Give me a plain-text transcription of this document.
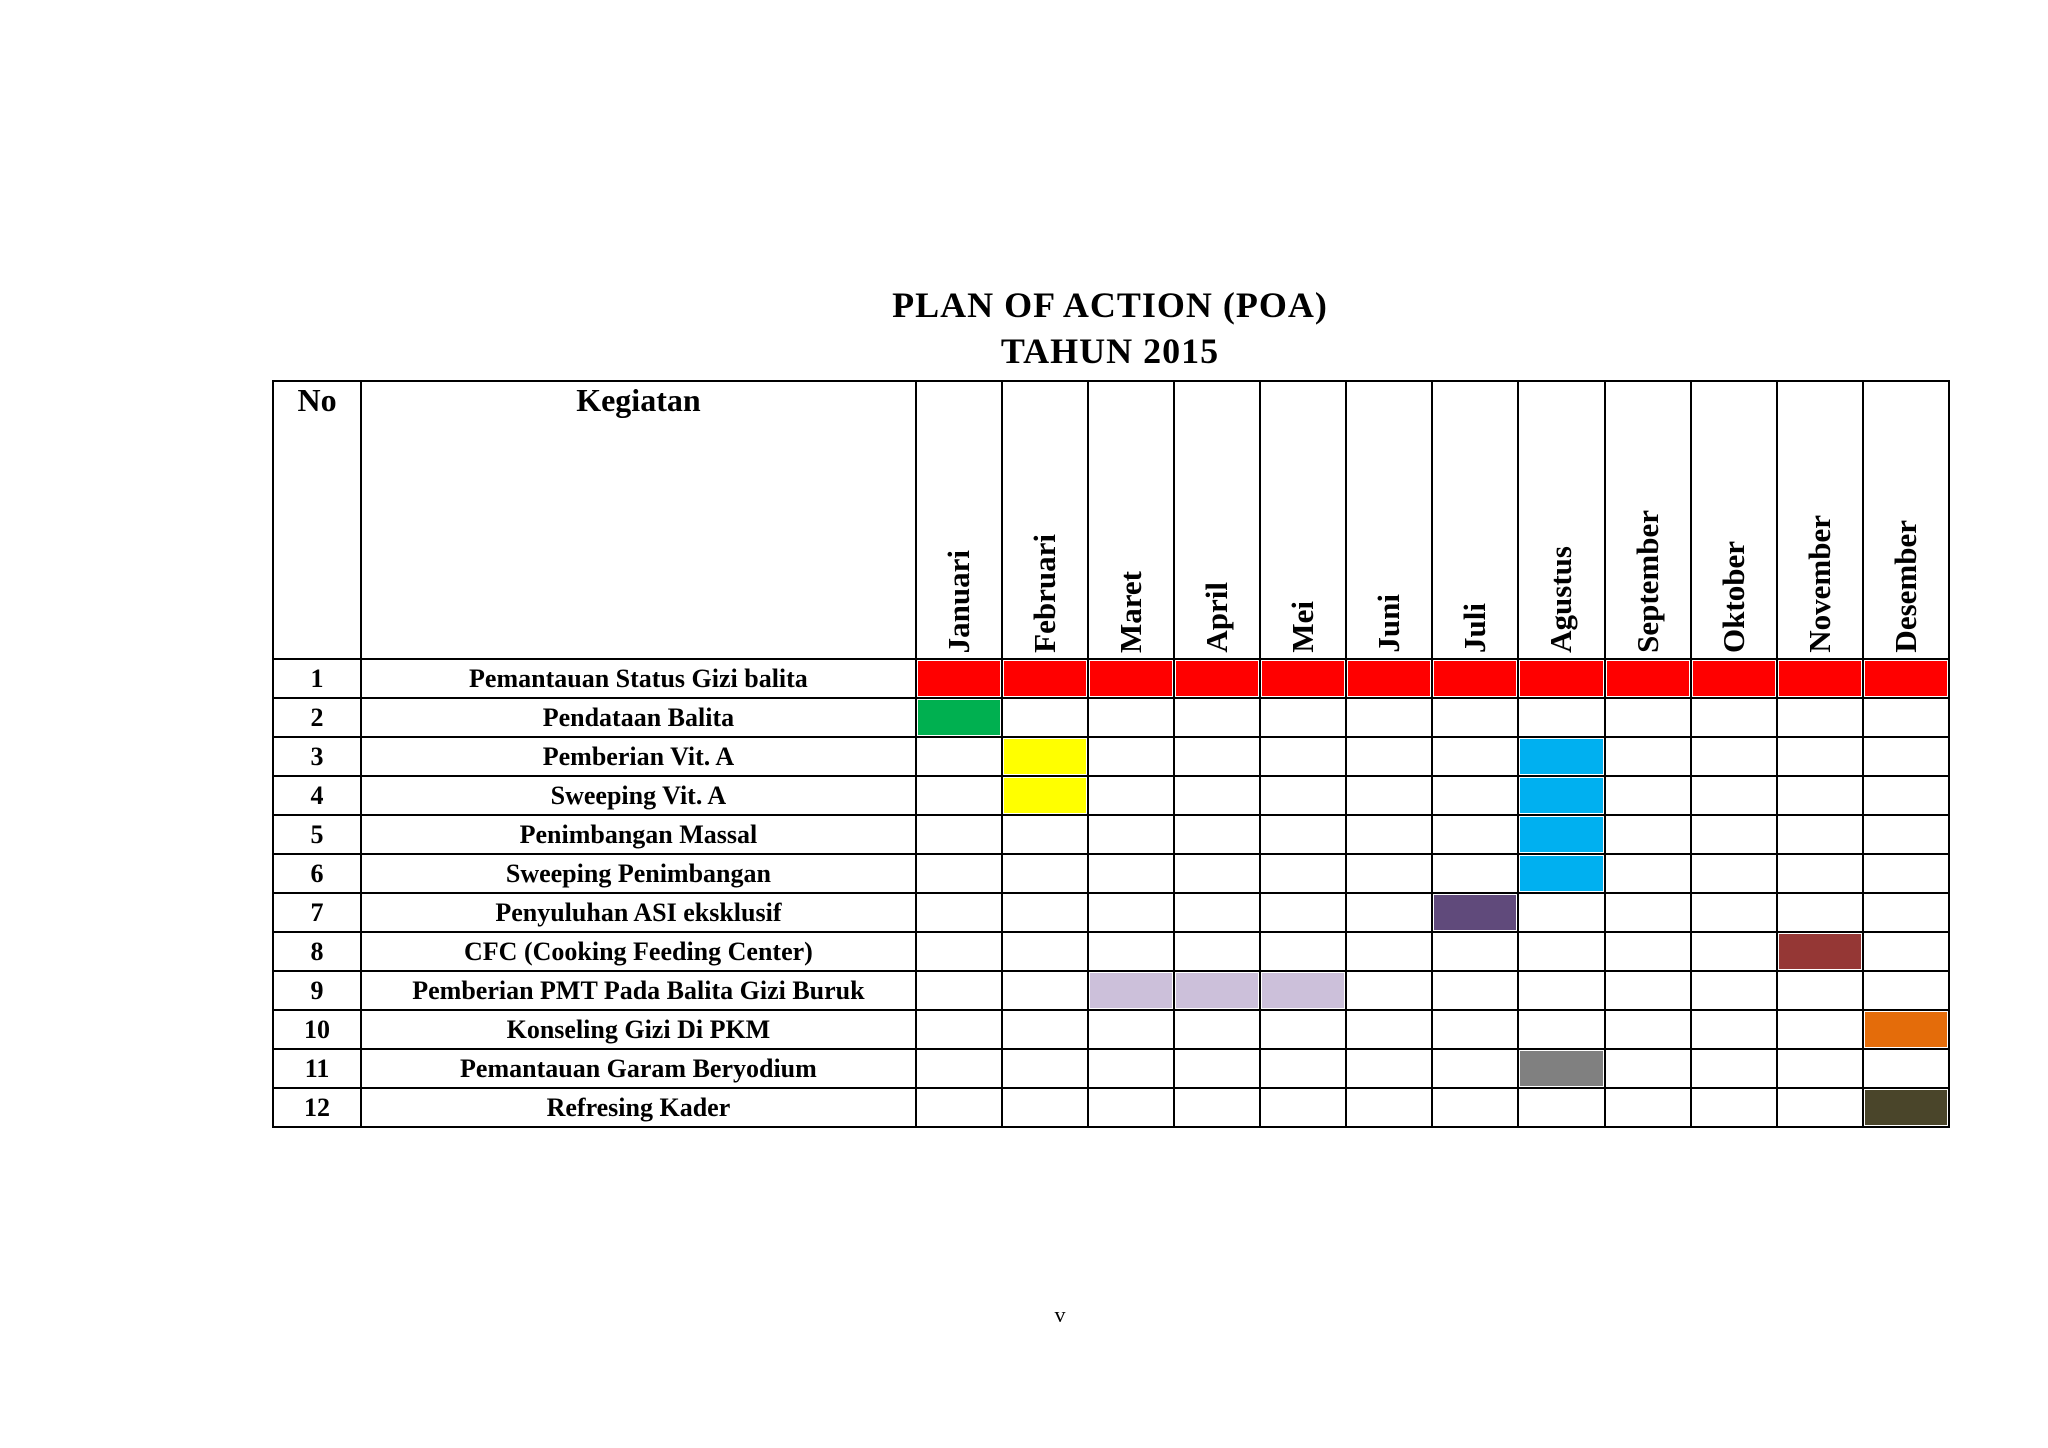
PLAN OF ACTION (POA)
TAHUN 2015
No	Kegiatan	Januari	Februari	Maret	April	Mei	Juni	Juli	Agustus	September	Oktober	November	Desember
1	Pemantauan Status Gizi balita	

2	Pendataan Balita	

3	Pemberian Vit. A		

4	Sweeping Vit. A		

5	Penimbangan Massal								

6	Sweeping Penimbangan								

7	Penyuluhan ASI eksklusif							

8	CFC (Cooking Feeding Center)											

9	Pemberian PMT Pada Balita Gizi Buruk			

10	Konseling Gizi Di PKM												

11	Pemantauan Garam Beryodium								

12	Refresing Kader												
v
